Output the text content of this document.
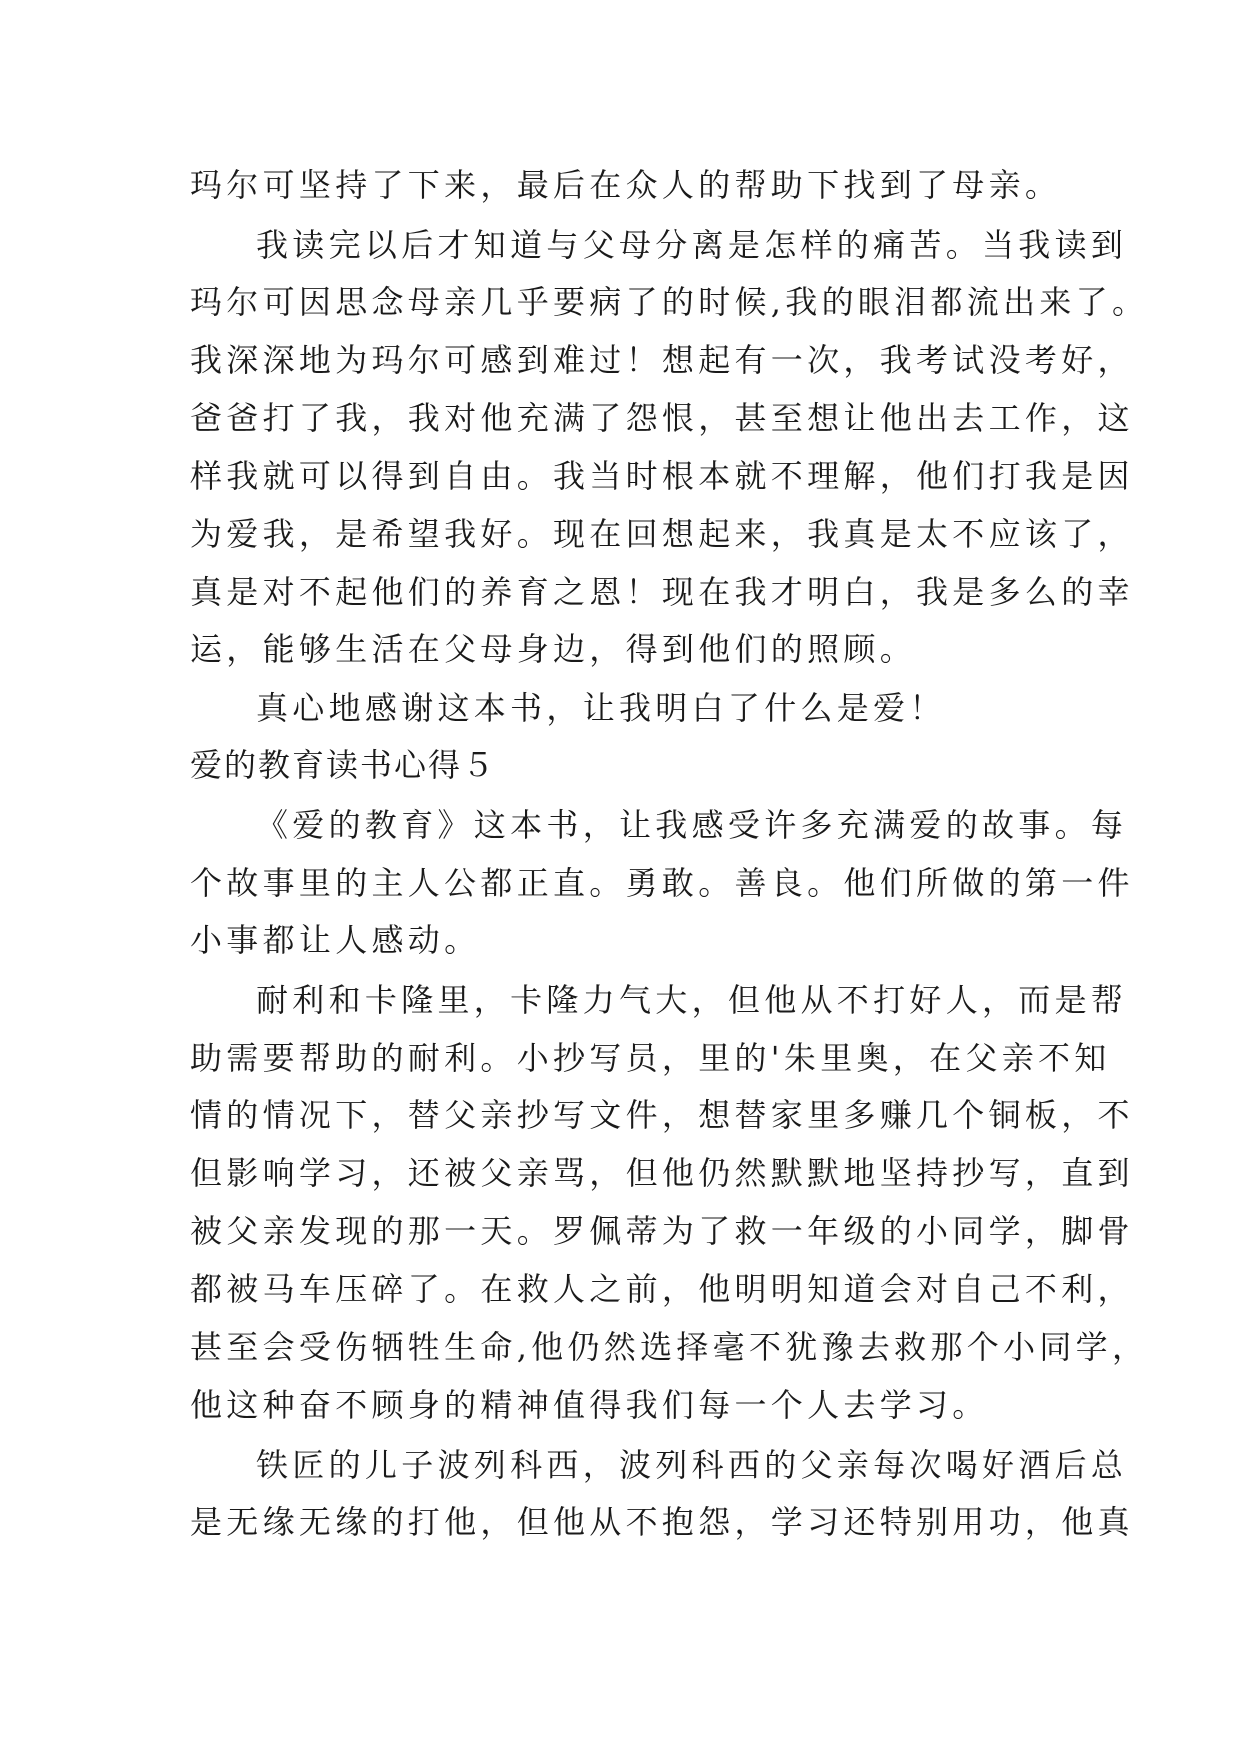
玛尔可坚持了下来，最后在众人的帮助下找到了母亲。
我读完以后才知道与父母分离是怎样的痛苦。当我读到
玛尔可因思念母亲几乎要病了的时候,我的眼泪都流出来了。
我深深地为玛尔可感到难过！想起有一次，我考试没考好，
爸爸打了我，我对他充满了怨恨，甚至想让他出去工作，这
样我就可以得到自由。我当时根本就不理解，他们打我是因
为爱我，是希望我好。现在回想起来，我真是太不应该了，
真是对不起他们的养育之恩！现在我才明白，我是多么的幸
运，能够生活在父母身边，得到他们的照顾。
真心地感谢这本书，让我明白了什么是爱！
爱的教育读书心得５
《爱的教育》这本书，让我感受许多充满爱的故事。每
个故事里的主人公都正直。勇敢。善良。他们所做的第一件
小事都让人感动。
耐利和卡隆里，卡隆力气大，但他从不打好人，而是帮
助需要帮助的耐利。小抄写员，里的'朱里奥，在父亲不知
情的情况下，替父亲抄写文件，想替家里多赚几个铜板，不
但影响学习，还被父亲骂，但他仍然默默地坚持抄写，直到
被父亲发现的那一天。罗佩蒂为了救一年级的小同学，脚骨
都被马车压碎了。在救人之前，他明明知道会对自己不利，
甚至会受伤牺牲生命,他仍然选择毫不犹豫去救那个小同学，
他这种奋不顾身的精神值得我们每一个人去学习。
铁匠的儿子波列科西，波列科西的父亲每次喝好酒后总
是无缘无缘的打他，但他从不抱怨，学习还特别用功，他真
